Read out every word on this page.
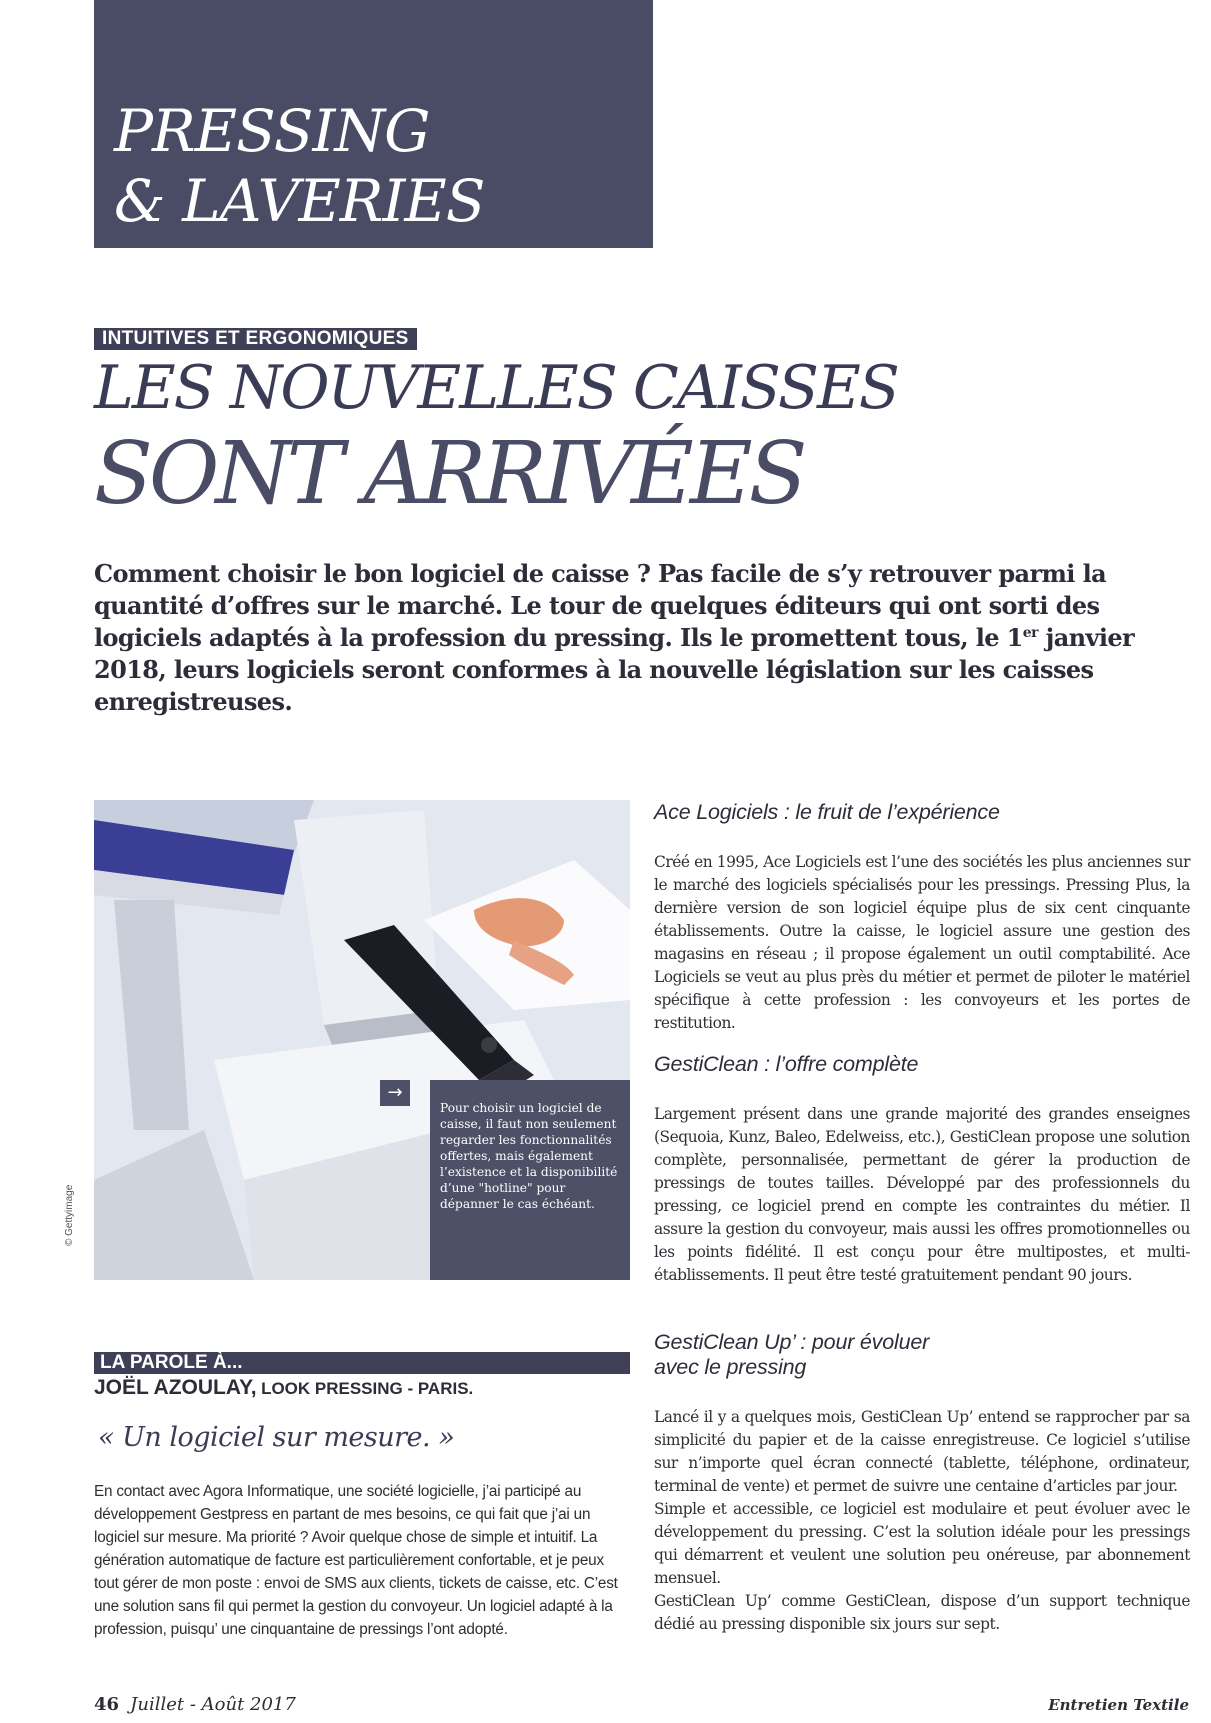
PRESSING
& LAVERIES
INTUITIVES ET ERGONOMIQUES
LES NOUVELLES CAISSES
SONT ARRIVÉES
Comment choisir le bon logiciel de caisse ? Pas facile de s’y retrouver parmi la quantité d’offres sur le marché. Le tour de quelques éditeurs qui ont sorti des logiciels adaptés à la profession du pressing. Ils le promettent tous, le 1er janvier 2018, leurs logiciels seront conformes à la nouvelle législation sur les caisses enregistreuses.
© Gettyimage
→
Pour choisir un logiciel de caisse, il faut non seulement regarder les fonctionnalités offertes, mais également l’existence et la disponibilité d’une "hotline" pour dépanner le cas échéant.
LA PAROLE À...
JOËL AZOULAY, LOOK PRESSING - PARIS.
« Un logiciel sur mesure. »
En contact avec Agora Informatique, une société logicielle, j’ai participé au développement Gestpress en partant de mes besoins, ce qui fait que j’ai un logiciel sur mesure. Ma priorité ? Avoir quelque chose de simple et intuitif. La génération automatique de facture est particulièrement confortable, et je peux tout gérer de mon poste : envoi de SMS aux clients, tickets de caisse, etc. C’est une solution sans fil qui permet la gestion du convoyeur. Un logiciel adapté à la profession, puisqu’ une cinquantaine de pressings l’ont adopté.
Ace Logiciels : le fruit de l’expérience

Créé en 1995, Ace Logiciels est l’une des sociétés les plus anciennes sur le marché des logiciels spécialisés pour les pressings. Pressing Plus, la dernière version de son logiciel équipe plus de six cent cinquante établissements. Outre la caisse, le logiciel assure une gestion des magasins en réseau ; il propose également un outil comptabilité. Ace Logiciels se veut au plus près du métier et permet de piloter le matériel spécifique à cette profession : les convoyeurs et les portes de restitution.

GestiClean : l’offre complète

Largement présent dans une grande majorité des grandes enseignes (Sequoia, Kunz, Baleo, Edelweiss, etc.), GestiClean propose une solution complète, personnalisée, permettant de gérer la production de pressings de toutes tailles. Développé par des professionnels du pressing, ce logiciel prend en compte les contraintes du métier. Il assure la gestion du convoyeur, mais aussi les offres promotionnelles ou les points fidélité. Il est conçu pour être multipostes, et multi-établissements. Il peut être testé gratuitement pendant 90 jours.

GestiClean Up’ : pour évoluer
avec le pressing

Lancé il y a quelques mois, GestiClean Up’ entend se rapprocher par sa simplicité du papier et de la caisse enregistreuse. Ce logiciel s’utilise sur n’importe quel écran connecté (tablette, téléphone, ordinateur, terminal de vente) et permet de suivre une centaine d’articles par jour.

Simple et accessible, ce logiciel est modulaire et peut évoluer avec le développement du pressing. C’est la solution idéale pour les pressings qui démarrent et veulent une solution peu onéreuse, par abonnement mensuel.

GestiClean Up’ comme GestiClean, dispose d’un support technique dédié au pressing disponible six jours sur sept.

46 Juillet - Août 2017	Entretien Textile
